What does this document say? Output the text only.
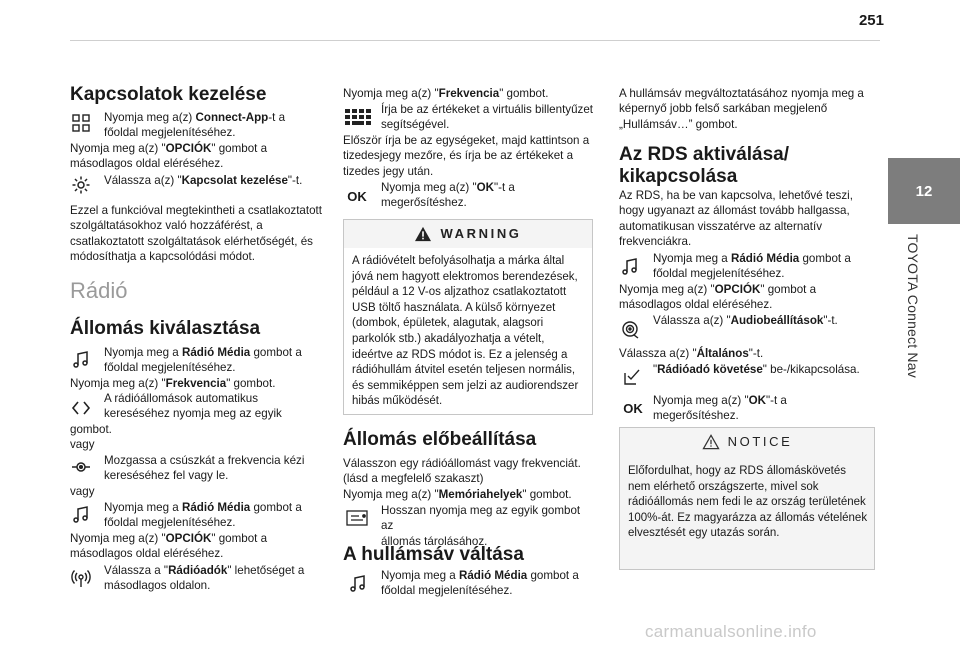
251
12
TOYOTA Connect Nav
Kapcsolatok kezelése
Nyomja meg a(z) Connect-App-t a
főoldal megjelenítéséhez.
Nyomja meg a(z) "OPCIÓK" gombot a
másodlagos oldal eléréséhez.
Válassza a(z) "Kapcsolat kezelése"-t.
Ezzel a funkcióval megtekintheti a csatlakoztatott szolgáltatásokhoz való hozzáférést, a csatlakoztatott szolgáltatások elérhetőségét, és módosíthatja a kapcsolódási módot.
Rádió
Állomás kiválasztása
Nyomja meg a Rádió Média gombot a
főoldal megjelenítéséhez.
Nyomja meg a(z) "Frekvencia" gombot.
A rádióállomások automatikus
kereséséhez nyomja meg az egyik
gombot.
vagy
Mozgassa a csúszkát a frekvencia kézi
kereséséhez fel vagy le.
vagy
Nyomja meg a Rádió Média gombot a
főoldal megjelenítéséhez.
Nyomja meg a(z) "OPCIÓK" gombot a
másodlagos oldal eléréséhez.
Válassza a "Rádióadók" lehetőséget a
másodlagos oldalon.
Nyomja meg a(z) "Frekvencia" gombot.
Írja be az értékeket a virtuális billentyűzet
segítségével.
Először írja be az egységeket, majd kattintson a tizedesjegy mezőre, és írja be az értékeket a tizedes jegy után.
OK
Nyomja meg a(z) "OK"-t a
megerősítéshez.
WARNING
A rádióvételt befolyásolhatja a márka által jóvá nem hagyott elektromos berendezések, például a 12 V-os aljzathoz csatlakoztatott USB töltő használata. A külső környezet (dombok, épületek, alagutak, alagsori parkolók stb.) akadályozhatja a vételt, ideértve az RDS módot is. Ez a jelenség a rádióhullám átvitel esetén teljesen normális, és semmiképpen sem jelzi az audiorendszer hibás működését.
Állomás előbeállítása
Válasszon egy rádióállomást vagy frekvenciát. (lásd a megfelelő szakaszt)
Nyomja meg a(z) "Memóriahelyek" gombot.
Hosszan nyomja meg az egyik gombot az
állomás tárolásához.
A hullámsáv váltása
Nyomja meg a Rádió Média gombot a
főoldal megjelenítéséhez.
A hullámsáv megváltoztatásához nyomja meg a képernyő jobb felső sarkában megjelenő „Hullámsáv…” gombot.
Az RDS aktiválása/
kikapcsolása
Az RDS, ha be van kapcsolva, lehetővé teszi, hogy ugyanazt az állomást tovább hallgassa, automatikusan visszatérve az alternatív frekvenciákra.
Nyomja meg a Rádió Média gombot a
főoldal megjelenítéséhez.
Nyomja meg a(z) "OPCIÓK" gombot a
másodlagos oldal eléréséhez.
Válassza a(z) "Audiobeállítások"-t.
Válassza a(z) "Általános"-t.
"Rádióadó követése" be-/kikapcsolása.
OK
Nyomja meg a(z) "OK"-t a
megerősítéshez.
NOTICE
Előfordulhat, hogy az RDS állomáskövetés nem elérhető országszerte, mivel sok rádióállomás nem fedi le az ország területének 100%-át. Ez magyarázza az állomás vételének elvesztését egy utazás során.
carmanualsonline.info
